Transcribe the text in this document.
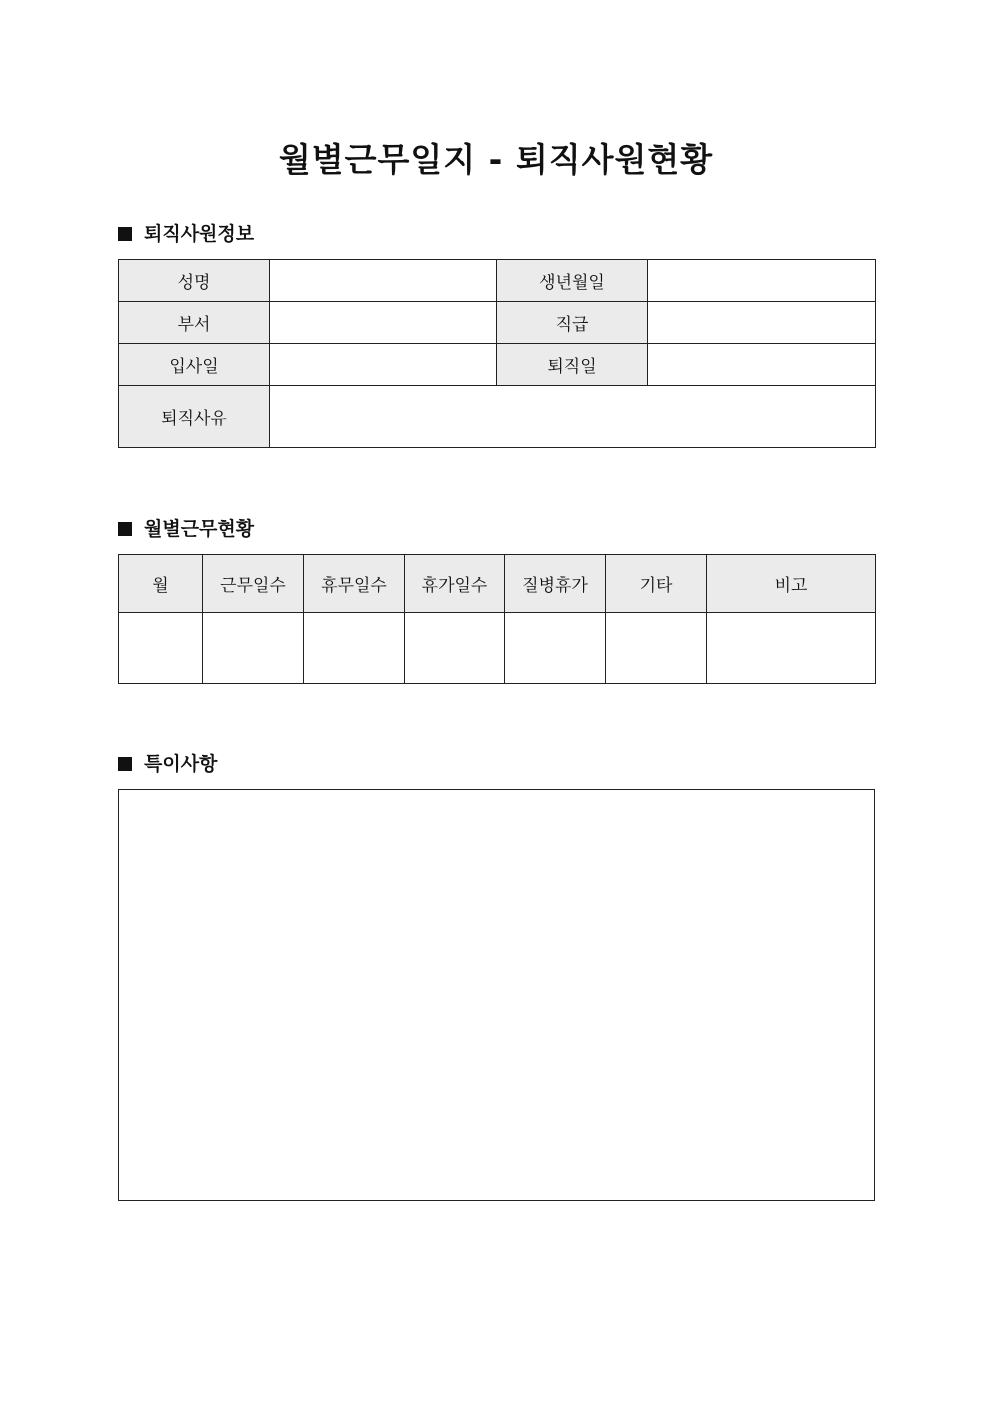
월별근무일지 - 퇴직사원현황
퇴직사원정보
성명		생년월일	
부서		직급	
입사일		퇴직일	
퇴직사유			
월별근무현황
월	근무일수	휴무일수	휴가일수	질병휴가	기타	비고

특이사항
